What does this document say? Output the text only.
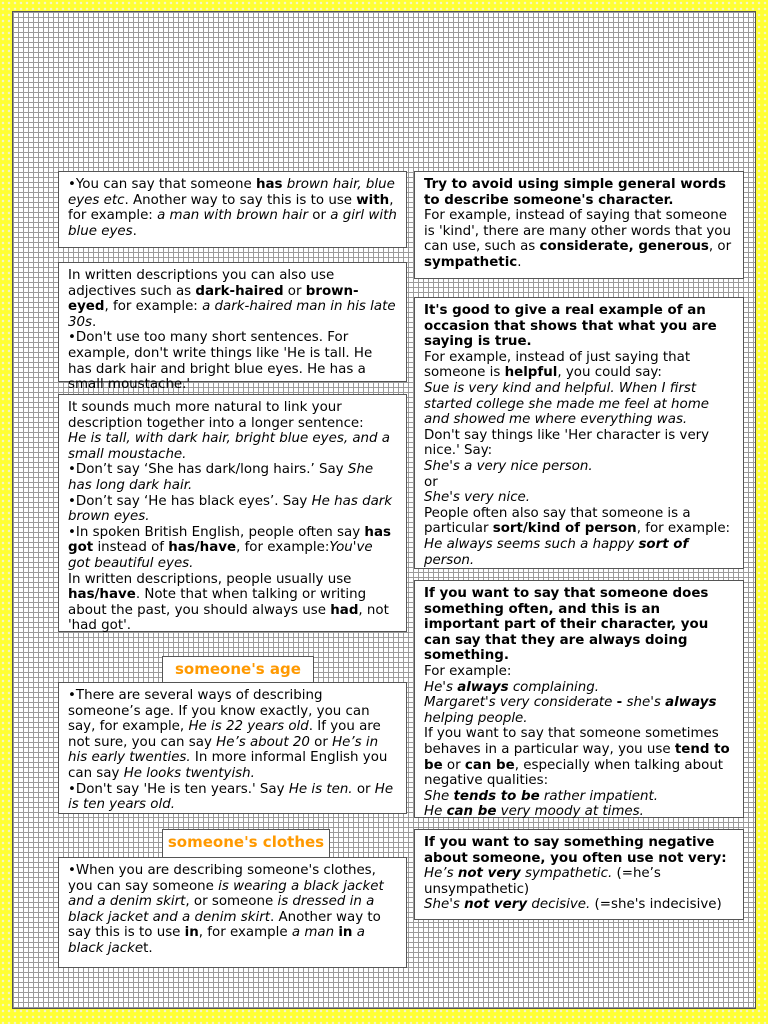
•You can say that someone has brown hair, blue eyes etc. Another way to say this is to use with, for example: a man with brown hair or a girl with blue eyes.

In written descriptions you can also use adjectives such as dark-haired or brown-eyed, for example: a dark-haired man in his late 30s.

•Don't use too many short sentences. For example, don't write things like 'He is tall. He has dark hair and bright blue eyes. He has a small moustache.'

It sounds much more natural to link your description together into a longer sentence:

He is tall, with dark hair, bright blue eyes, and a small moustache.

•Don’t say ‘She has dark/long hairs.’ Say She has long dark hair.

•Don’t say ‘He has black eyes’. Say He has dark brown eyes.

•In spoken British English, people often say has got instead of has/have, for example:You've got beautiful eyes.

In written descriptions, people usually use has/have. Note that when talking or writing about the past, you should always use had, not 'had got'.

someone's age

•There are several ways of describing someone’s age. If you know exactly, you can say, for example, He is 22 years old. If you are not sure, you can say He’s about 20 or He’s in his early twenties. In more informal English you can say He looks twentyish.

•Don't say 'He is ten years.' Say He is ten. or He is ten years old.

someone's clothes

•When you are describing someone's clothes, you can say someone is wearing a black jacket and a denim skirt, or someone is dressed in a black jacket and a denim skirt. Another way to say this is to use in, for example a man in a black jacket.

Try to avoid using simple general words to describe someone's character.

For example, instead of saying that someone is 'kind', there are many other words that you can use, such as considerate, generous, or sympathetic.

It's good to give a real example of an occasion that shows that what you are saying is true.

For example, instead of just saying that someone is helpful, you could say:

Sue is very kind and helpful. When I first started college she made me feel at home and showed me where everything was.

Don't say things like 'Her character is very nice.' Say:

She's a very nice person.

or

She's very nice.

People often also say that someone is a particular sort/kind of person, for example:

He always seems such a happy sort of person.

If you want to say that someone does something often, and this is an important part of their character, you can say that they are always doing something.

For example:

He's always complaining.

Margaret's very considerate - she's always helping people.

If you want to say that someone sometimes behaves in a particular way, you use tend to be or can be, especially when talking about negative qualities:

She tends to be rather impatient.

He can be very moody at times.

If you want to say something negative about someone, you often use not very:

He’s not very sympathetic. (=he’s unsympathetic)

She's not very decisive. (=she's indecisive)
